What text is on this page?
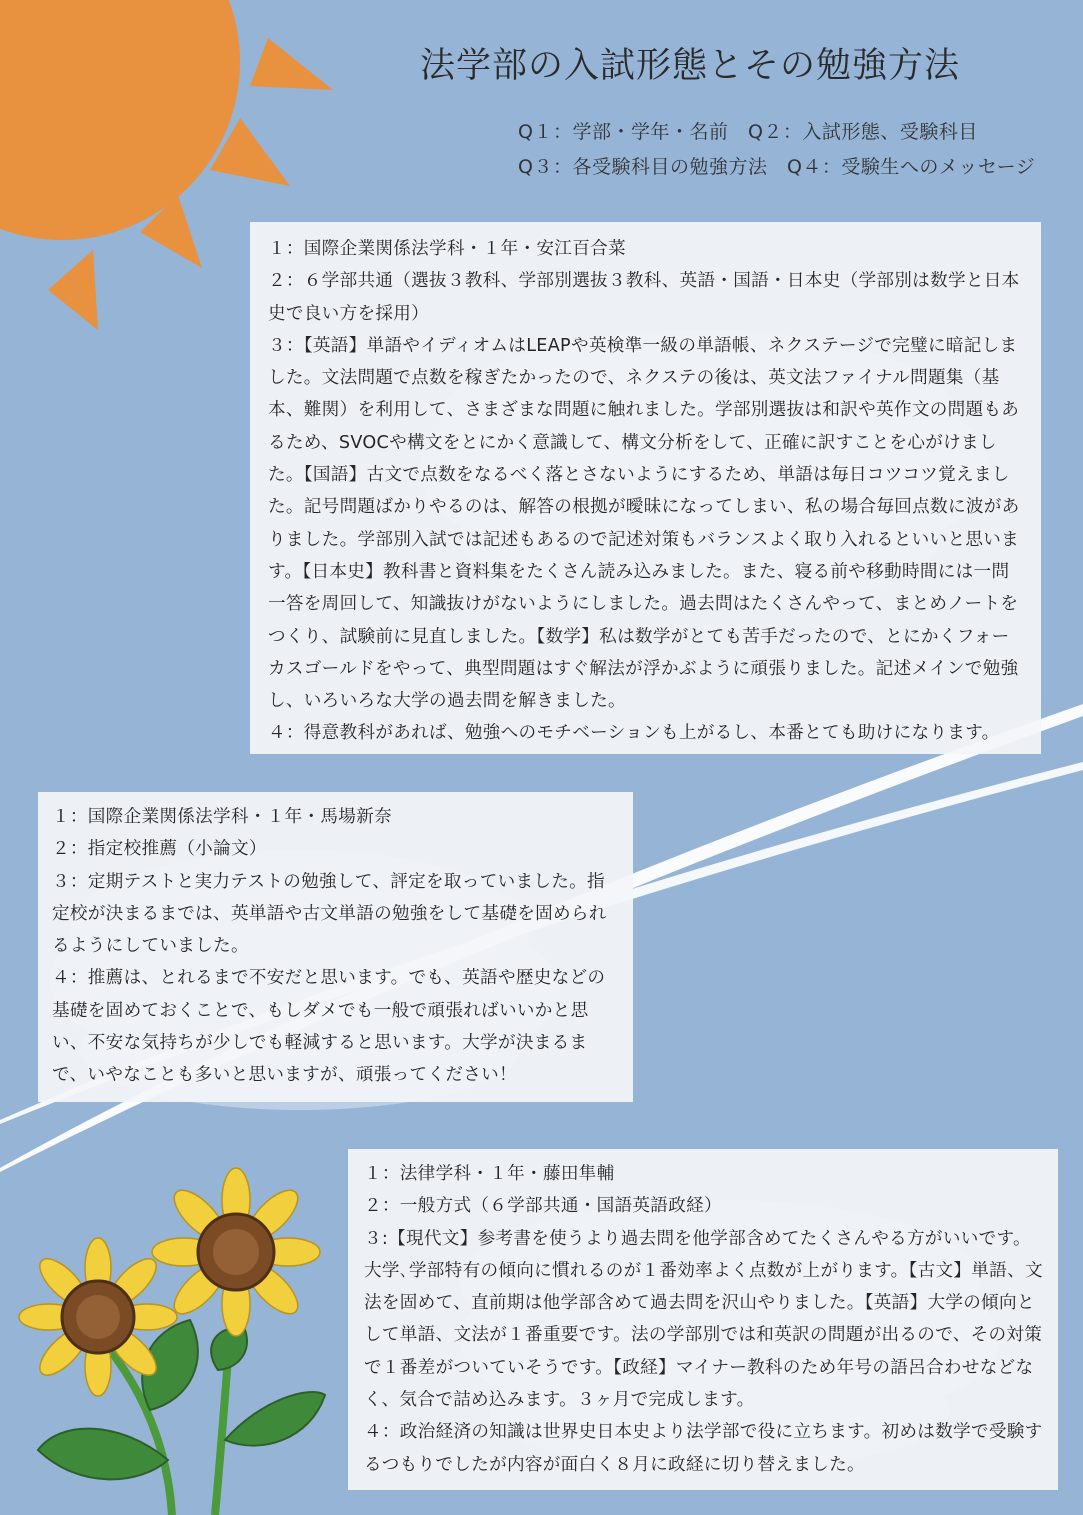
法学部の入試形態とその勉強方法
Q１：学部・学年・名前　Q２：入試形態、受験科目
Q３：各受験科目の勉強方法　Q４：受験生へのメッセージ

１：国際企業関係法学科・１年・安江百合菜

２：６学部共通（選抜３教科、学部別選抜３教科、英語・国語・日本史（学部別は数学と日本史で良い方を採用）

３：【英語】単語やイディオムはLEAPや英検準一級の単語帳、ネクステージで完璧に暗記しました。文法問題で点数を稼ぎたかったので、ネクステの後は、英文法ファイナル問題集（基本、難関）を利用して、さまざまな問題に触れました。学部別選抜は和訳や英作文の問題もあるため、SVOCや構文をとにかく意識して、構文分析をして、正確に訳すことを心がけました。【国語】古文で点数をなるべく落とさないようにするため、単語は毎日コツコツ覚えました。記号問題ばかりやるのは、解答の根拠が曖昧になってしまい、私の場合毎回点数に波がありました。学部別入試では記述もあるので記述対策もバランスよく取り入れるといいと思います。【日本史】教科書と資料集をたくさん読み込みました。また、寝る前や移動時間には一問一答を周回して、知識抜けがないようにしました。過去問はたくさんやって、まとめノートをつくり、試験前に見直しました。【数学】私は数学がとても苦手だったので、とにかくフォーカスゴールドをやって、典型問題はすぐ解法が浮かぶように頑張りました。記述メインで勉強し、いろいろな大学の過去問を解きました。

４：得意教科があれば、勉強へのモチベーションも上がるし、本番とても助けになります。

１：国際企業関係法学科・１年・馬場新奈

２：指定校推薦（小論文）

３：定期テストと実力テストの勉強して、評定を取っていました。指定校が決まるまでは、英単語や古文単語の勉強をして基礎を固められるようにしていました。

４：推薦は、とれるまで不安だと思います。でも、英語や歴史などの基礎を固めておくことで、もしダメでも一般で頑張ればいいかと思い、不安な気持ちが少しでも軽減すると思います。大学が決まるまで、いやなことも多いと思いますが、頑張ってください！

１：法律学科・１年・藤田隼輔

２：一般方式（６学部共通・国語英語政経）

３:【現代文】参考書を使うより過去問を他学部含めてたくさんやる方がいいです。大学､学部特有の傾向に慣れるのが１番効率よく点数が上がります。【古文】単語、文法を固めて、直前期は他学部含めて過去問を沢山やりました。【英語】大学の傾向として単語、文法が１番重要です。法の学部別では和英訳の問題が出るので、その対策で１番差がついていそうです。【政経】マイナー教科のため年号の語呂合わせなどなく、気合で詰め込みます。３ヶ月で完成します。

４：政治経済の知識は世界史日本史より法学部で役に立ちます。初めは数学で受験するつもりでしたが内容が面白く８月に政経に切り替えました。
